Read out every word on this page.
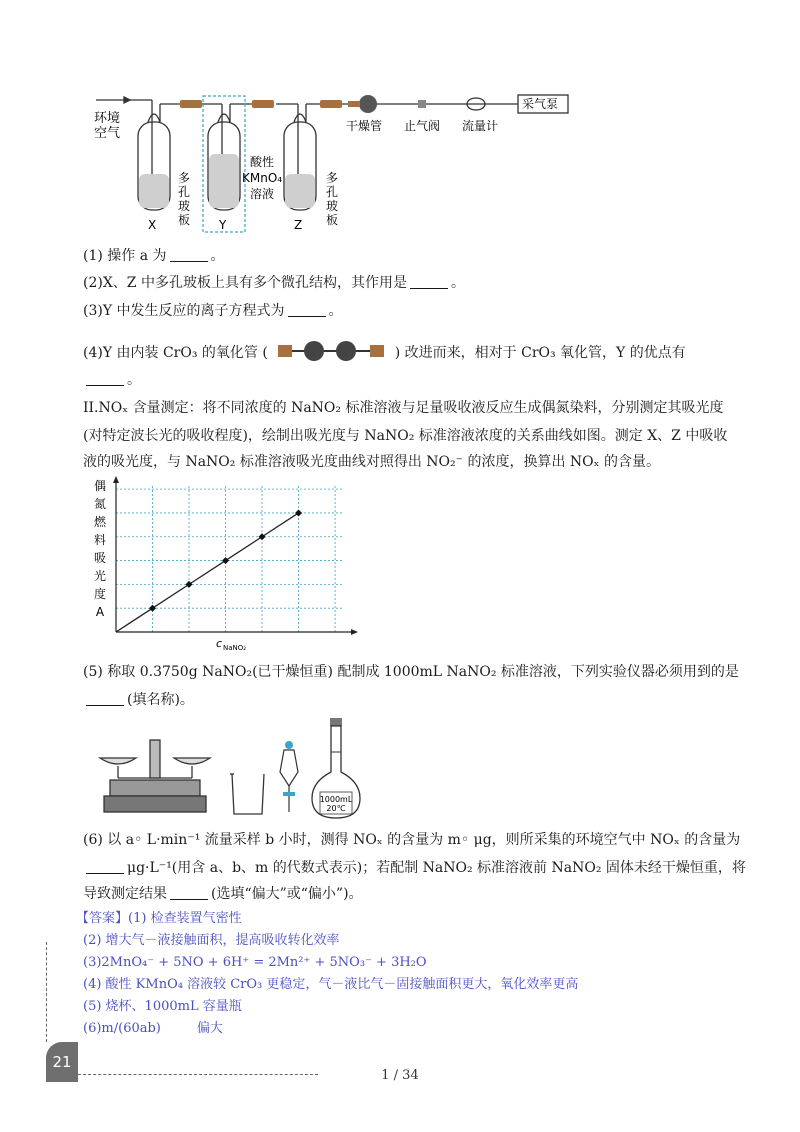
环境
空气
多
孔
玻
板
酸性
KMnO₄
溶液
多
孔
玻
板
X	Y	Z
干燥管 止气阀 流量计
采气泵
(1) 操作 a 为	。
(2)X、Z 中多孔玻板上具有多个微孔结构，其作用是	。
(3)Y 中发生反应的离子方程式为	。
(4)Y 由内装 CrO₃ 的氧化管 (	) 改进而来，相对于 CrO₃ 氧化管，Y 的优点有
。
II.NOₓ 含量测定：将不同浓度的 NaNO₂ 标准溶液与足量吸收液反应生成偶氮染料，分别测定其吸光度
(对特定波长光的吸收程度)，绘制出吸光度与 NaNO₂ 标准溶液浓度的关系曲线如图。测定 X、Z 中吸收
液的吸光度，与 NaNO₂ 标准溶液吸光度曲线对照得出 NO₂⁻ 的浓度，换算出 NOₓ 的含量。
偶
氮
燃
料
吸
光
度
A
c NaNO₂
(5) 称取 0.3750g NaNO₂(已干燥恒重) 配制成 1000mL NaNO₂ 标准溶液，下列实验仪器必须用到的是
(填名称)。
1000mL
20℃
(6) 以 a◦ L·min⁻¹ 流量采样 b 小时，测得 NOₓ 的含量为 m◦ μg，则所采集的环境空气中 NOₓ 的含量为
μg·L⁻¹(用含 a、b、m 的代数式表示)；若配制 NaNO₂ 标准溶液前 NaNO₂ 固体未经干燥恒重，将
导致测定结果	(选填“偏大”或“偏小”)。
【答案】(1) 检查装置气密性
(2) 增大气－液接触面积，提高吸收转化效率
(3)2MnO₄⁻ + 5NO + 6H⁺ = 2Mn²⁺ + 5NO₃⁻ + 3H₂O
(4) 酸性 KMnO₄ 溶液较 CrO₃ 更稳定，气－液比气－固接触面积更大，氧化效率更高
(5) 烧杯、1000mL 容量瓶
(6)m/(60ab)	偏大
21
1 / 34
